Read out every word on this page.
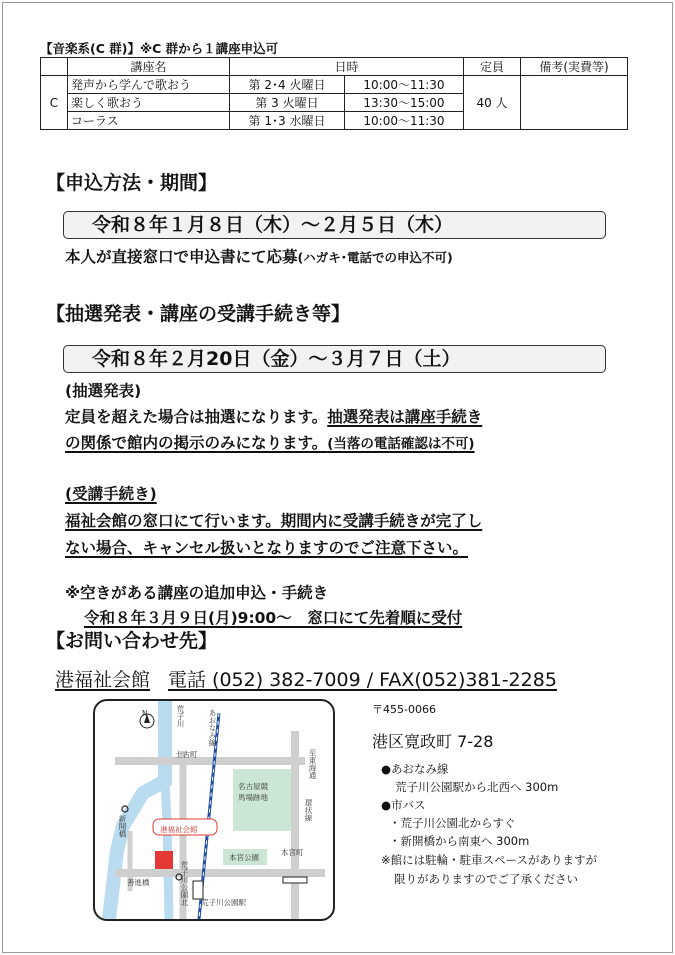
【音楽系(C 群)】※C 群から１講座申込可
	講座名	日時		定員	備考(実費等)
C	発声から学んで歌おう	第 2･4 火曜日	10:00～11:30	40 人	
	楽しく歌おう	第 3 火曜日	13:30～15:00		
	コーラス	第 1･3 水曜日	10:00～11:30		
【申込方法・期間】
令和８年１月８日（木）～２月５日（木）
本人が直接窓口で申込書にて応募(ハガキ･電話での申込不可)
【抽選発表・講座の受講手続き等】
令和８年２月20日（金）～３月７日（土）
(抽選発表)
定員を超えた場合は抽選になります。抽選発表は講座手続き
の関係で館内の掲示のみになります。(当落の電話確認は不可)
(受講手続き)
福祉会館の窓口にて行います。期間内に受講手続きが完了し
ない場合、キャンセル扱いとなりますのでご注意下さい。
※空きがある講座の追加申込・手続き
令和８年３月９日(月)9:00～　窓口にて先着順に受付
【お問い合わせ先】
港福祉会館 電話 (052) 382-7009 / FAX(052)381-2285
〒455-0066
港区寛政町 7-28
●あおなみ線
荒子川公園駅から北西へ 300m
●市バス
・荒子川公園北からすぐ
・新開橋から南東へ 300m
※館には駐輪・駐車スペースがありますが
限りがありますのでご了承ください
N	荒子川	あおなみ線
土古町	至東海通
名古屋競馬場跡地
環状線
新開橋	港福祉会館
本宮公園
本宮町
善進橋	荒子川公園北 荒子川公園駅
